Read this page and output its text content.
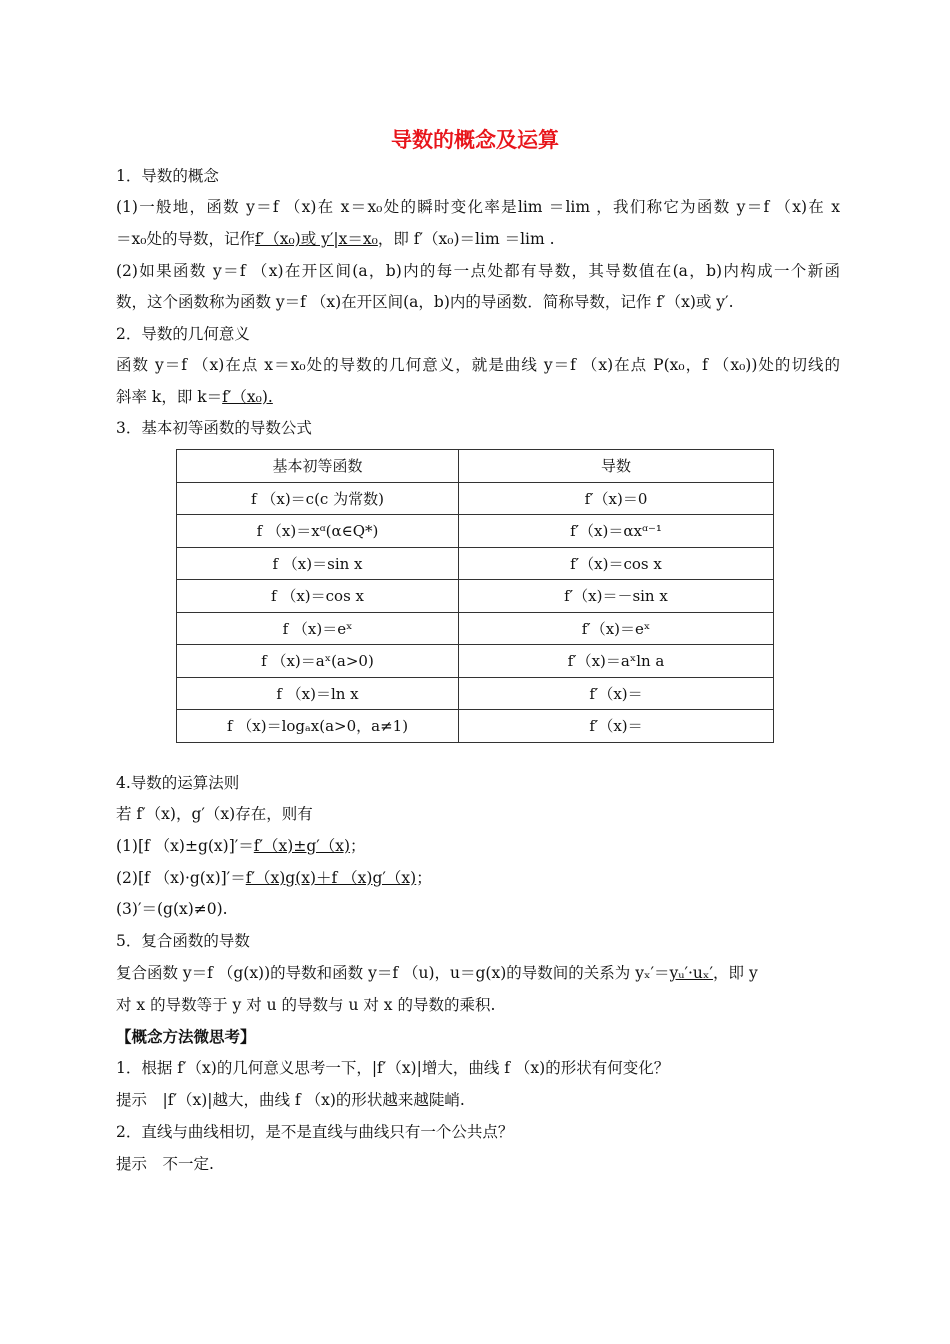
导数的概念及运算
1．导数的概念
(1)一般地，函数 y＝f （x)在 x＝x₀处的瞬时变化率是lim ＝lim ，我们称它为函数 y＝f （x)在 x
＝x₀处的导数，记作f′（x₀)或 y′|x＝x₀，即 f′（x₀)＝lim ＝lim .
(2)如果函数 y＝f （x)在开区间(a，b)内的每一点处都有导数，其导数值在(a，b)内构成一个新函
数，这个函数称为函数 y＝f （x)在开区间(a，b)内的导函数．简称导数，记作 f′（x)或 y′.
2．导数的几何意义
函数 y＝f （x)在点 x＝x₀处的导数的几何意义，就是曲线 y＝f （x)在点 P(x₀，f （x₀))处的切线的
斜率 k，即 k＝f′（x₀).
3．基本初等函数的导数公式
基本初等函数	导数
f （x)＝c(c 为常数)	f′（x)＝0
f （x)＝xᵅ(α∈Q*)	f′（x)＝αxᵅ⁻¹
f （x)＝sin x	f′（x)＝cos x
f （x)＝cos x	f′（x)＝－sin x
f （x)＝eˣ	f′（x)＝eˣ
f （x)＝aˣ(a>0)	f′（x)＝aˣln a
f （x)＝ln x	f′（x)＝
f （x)＝logₐx(a>0，a≠1)	f′（x)＝
4.导数的运算法则
若 f′（x)，g′（x)存在，则有
(1)[f （x)±g(x)]′＝f′（x)±g′（x)；
(2)[f （x)·g(x)]′＝f′（x)g(x)＋f （x)g′（x)；
(3)′＝(g(x)≠0).
5．复合函数的导数
复合函数 y＝f （g(x))的导数和函数 y＝f （u)，u＝g(x)的导数间的关系为 yₓ′＝yᵤ′·uₓ′，即 y
对 x 的导数等于 y 对 u 的导数与 u 对 x 的导数的乘积.
【概念方法微思考】
1．根据 f′（x)的几何意义思考一下，|f′（x)|增大，曲线 f （x)的形状有何变化？
提示　|f′（x)|越大，曲线 f （x)的形状越来越陡峭.
2．直线与曲线相切，是不是直线与曲线只有一个公共点？
提示　不一定.
